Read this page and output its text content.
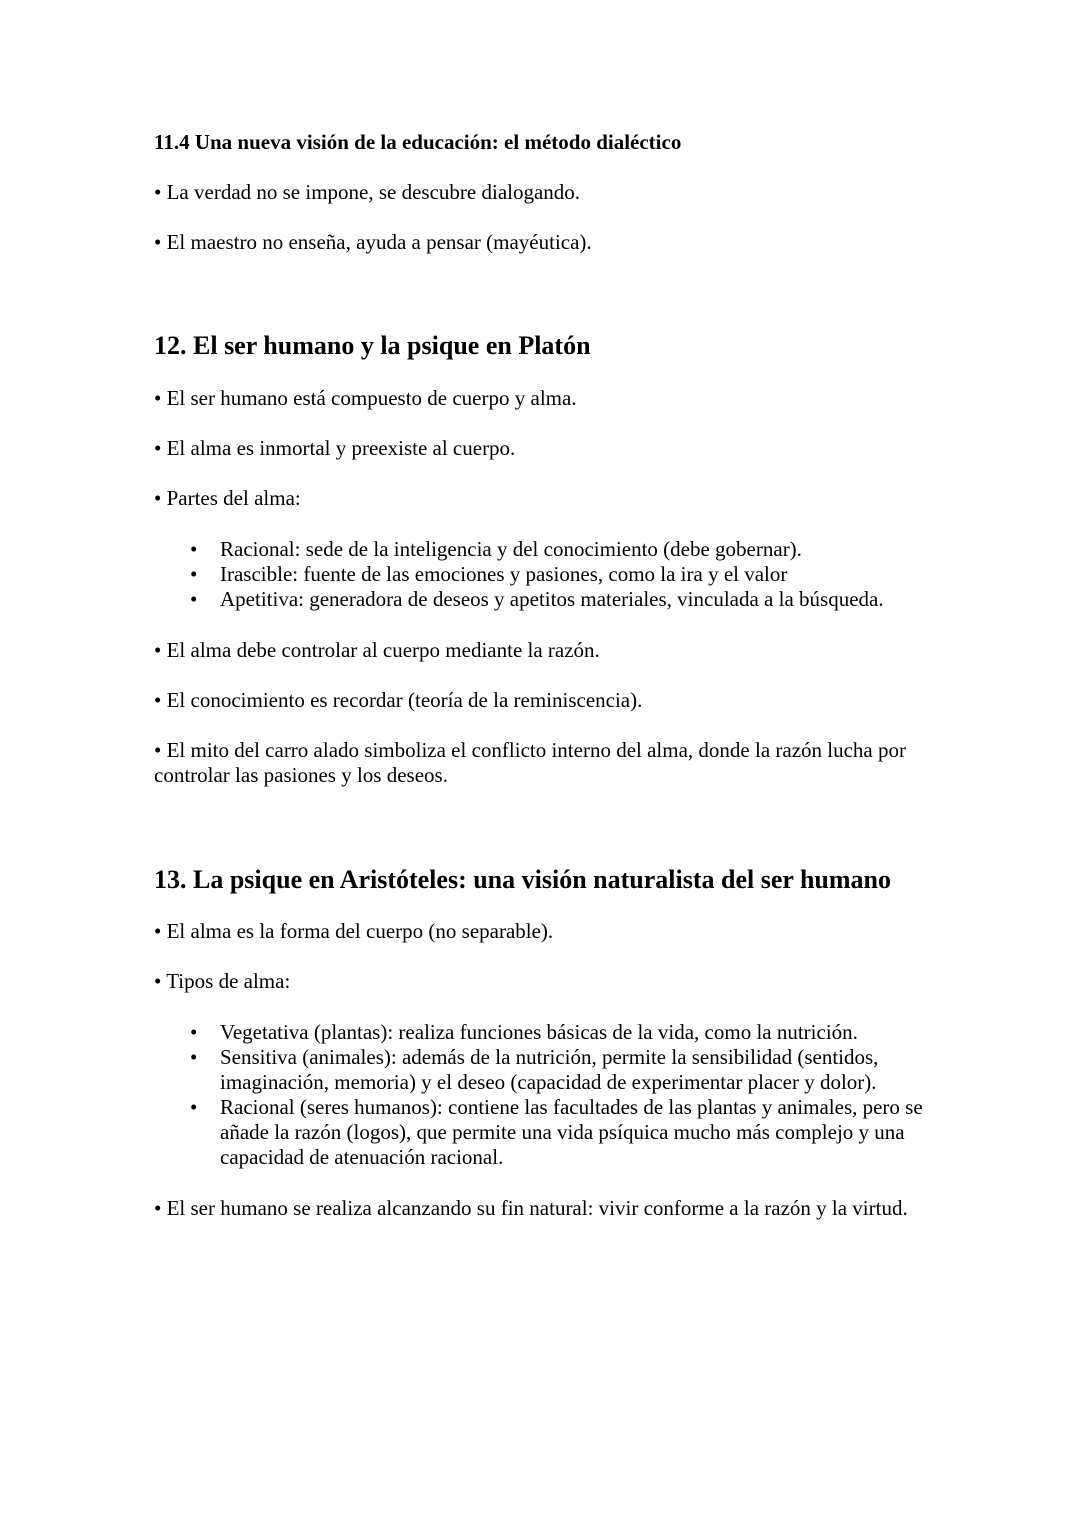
11.4 Una nueva visión de la educación: el método dialéctico
• La verdad no se impone, se descubre dialogando.
• El maestro no enseña, ayuda a pensar (mayéutica).
12. El ser humano y la psique en Platón
• El ser humano está compuesto de cuerpo y alma.
• El alma es inmortal y preexiste al cuerpo.
• Partes del alma:
• Racional: sede de la inteligencia y del conocimiento (debe gobernar).
• Irascible: fuente de las emociones y pasiones, como la ira y el valor
• Apetitiva: generadora de deseos y apetitos materiales, vinculada a la búsqueda.
• El alma debe controlar al cuerpo mediante la razón.
• El conocimiento es recordar (teoría de la reminiscencia).
• El mito del carro alado simboliza el conflicto interno del alma, donde la razón lucha por controlar las pasiones y los deseos.
13. La psique en Aristóteles: una visión naturalista del ser humano
• El alma es la forma del cuerpo (no separable).
• Tipos de alma:
• Vegetativa (plantas): realiza funciones básicas de la vida, como la nutrición.
• Sensitiva (animales): además de la nutrición, permite la sensibilidad (sentidos, imaginación, memoria) y el deseo (capacidad de experimentar placer y dolor).
• Racional (seres humanos): contiene las facultades de las plantas y animales, pero se añade la razón (logos), que permite una vida psíquica mucho más complejo y una capacidad de atenuación racional.
• El ser humano se realiza alcanzando su fin natural: vivir conforme a la razón y la virtud.
